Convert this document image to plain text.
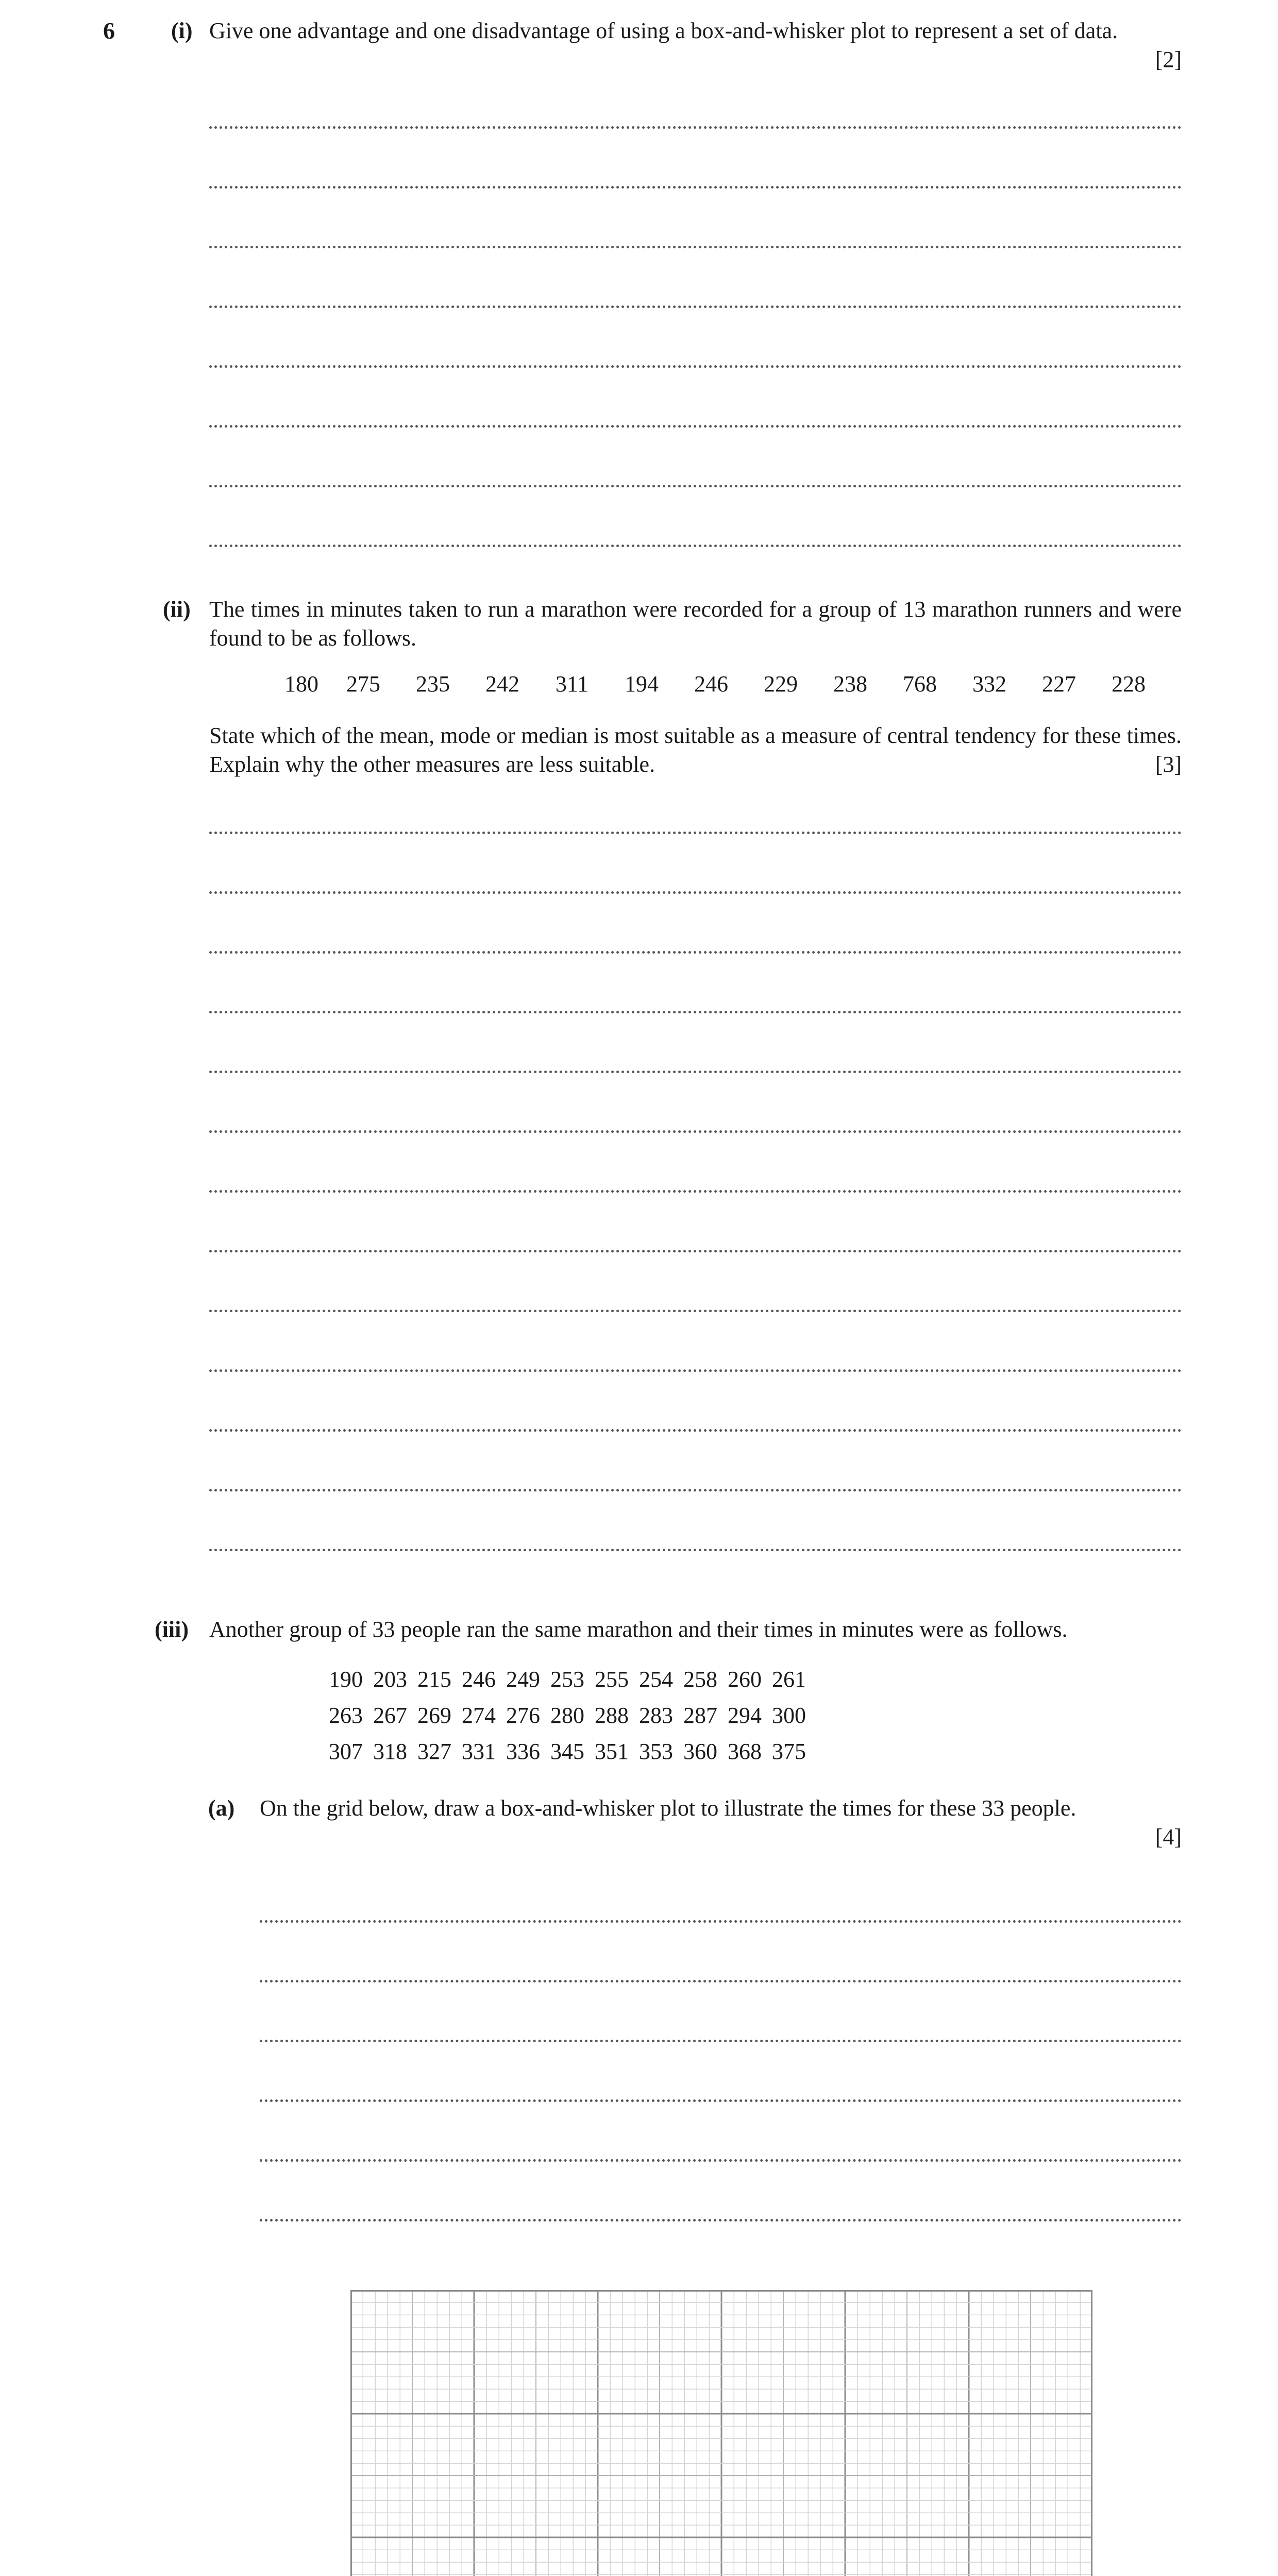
6 (i) Give one advantage and one disadvantage of using a box-and-whisker plot to represent a set of data.
[2]
(ii) The times in minutes taken to run a marathon were recorded for a group of 13 marathon runners and were found to be as follows.
180 275 235 242 311 194 246 229 238 768 332 227 228
State which of the mean, mode or median is most suitable as a measure of central tendency for these times. Explain why the other measures are less suitable.	[3]
(iii) Another group of 33 people ran the same marathon and their times in minutes were as follows.
190	203	215	246	249	253	255	254	258	260	261
263	267	269	274	276	280	288	283	287	294	300
307	318	327	331	336	345	351	353	360	368	375
(a) On the grid below, draw a box-and-whisker plot to illustrate the times for these 33 people.
[4]
